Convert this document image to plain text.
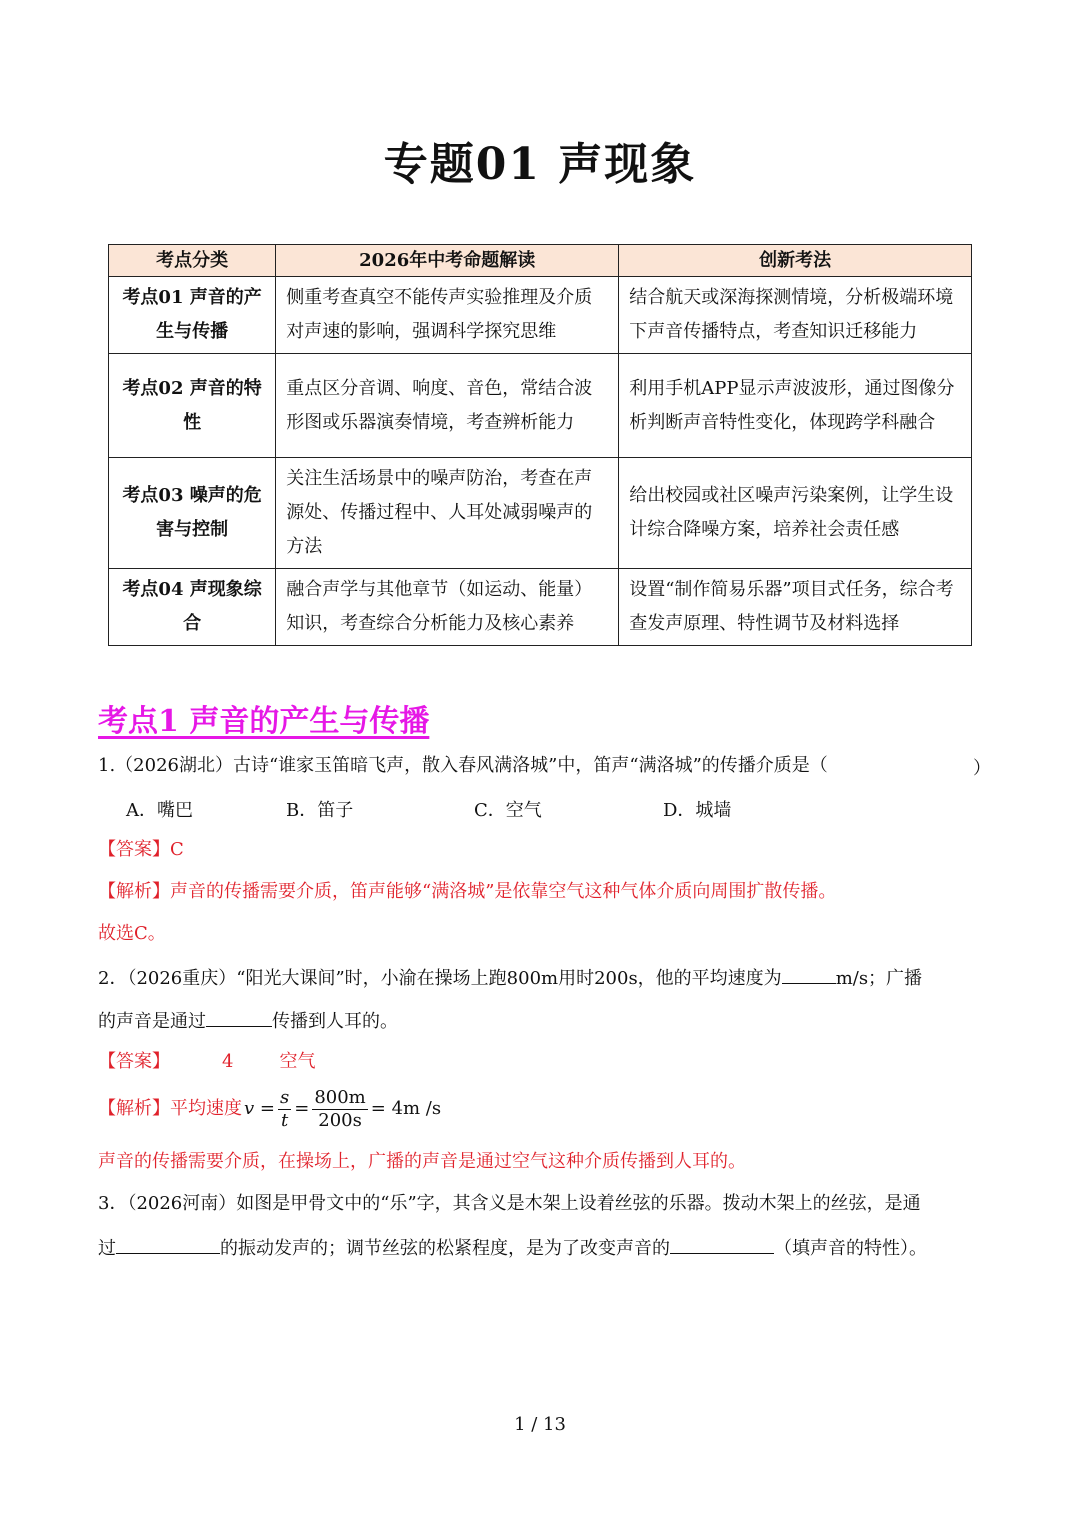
专题01 声现象
考点分类	2026年中考命题解读	创新考法
考点01 声音的产生与传播	侧重考查真空不能传声实验推理及介质对声速的影响，强调科学探究思维	结合航天或深海探测情境，分析极端环境下声音传播特点，考查知识迁移能力
考点02 声音的特性	重点区分音调、响度、音色，常结合波形图或乐器演奏情境，考查辨析能力	利用手机APP显示声波波形，通过图像分析判断声音特性变化，体现跨学科融合
考点03 噪声的危害与控制	关注生活场景中的噪声防治，考查在声源处、传播过程中、人耳处减弱噪声的方法	给出校园或社区噪声污染案例，让学生设计综合降噪方案，培养社会责任感
考点04 声现象综合	融合声学与其他章节（如运动、能量）知识，考查综合分析能力及核心素养	设置“制作简易乐器”项目式任务，综合考查发声原理、特性调节及材料选择
考点1 声音的产生与传播
1.（2026湖北）古诗“谁家玉笛暗飞声，散入春风满洛城”中，笛声“满洛城”的传播介质是（	）
A．嘴巴	B．笛子	C．空气	D．城墙
【答案】C
【解析】声音的传播需要介质，笛声能够“满洛城”是依靠空气这种气体介质向周围扩散传播。
故选C。
2．（2026重庆）“阳光大课间”时，小渝在操场上跑800m用时200s，他的平均速度为	m/s；广播
的声音是通过	传播到人耳的。
【答案】	4	空气
【解析】 平均速度 $v = \frac{s}{t} = \frac{800m}{200s} = 4m$ /s
声音的传播需要介质，在操场上，广播的声音是通过空气这种介质传播到人耳的。
3．（2026河南）如图是甲骨文中的“乐”字，其含义是木架上设着丝弦的乐器。拨动木架上的丝弦，是通
过	的振动发声的；调节丝弦的松紧程度，是为了改变声音的	（填声音的特性）。
1 / 13
